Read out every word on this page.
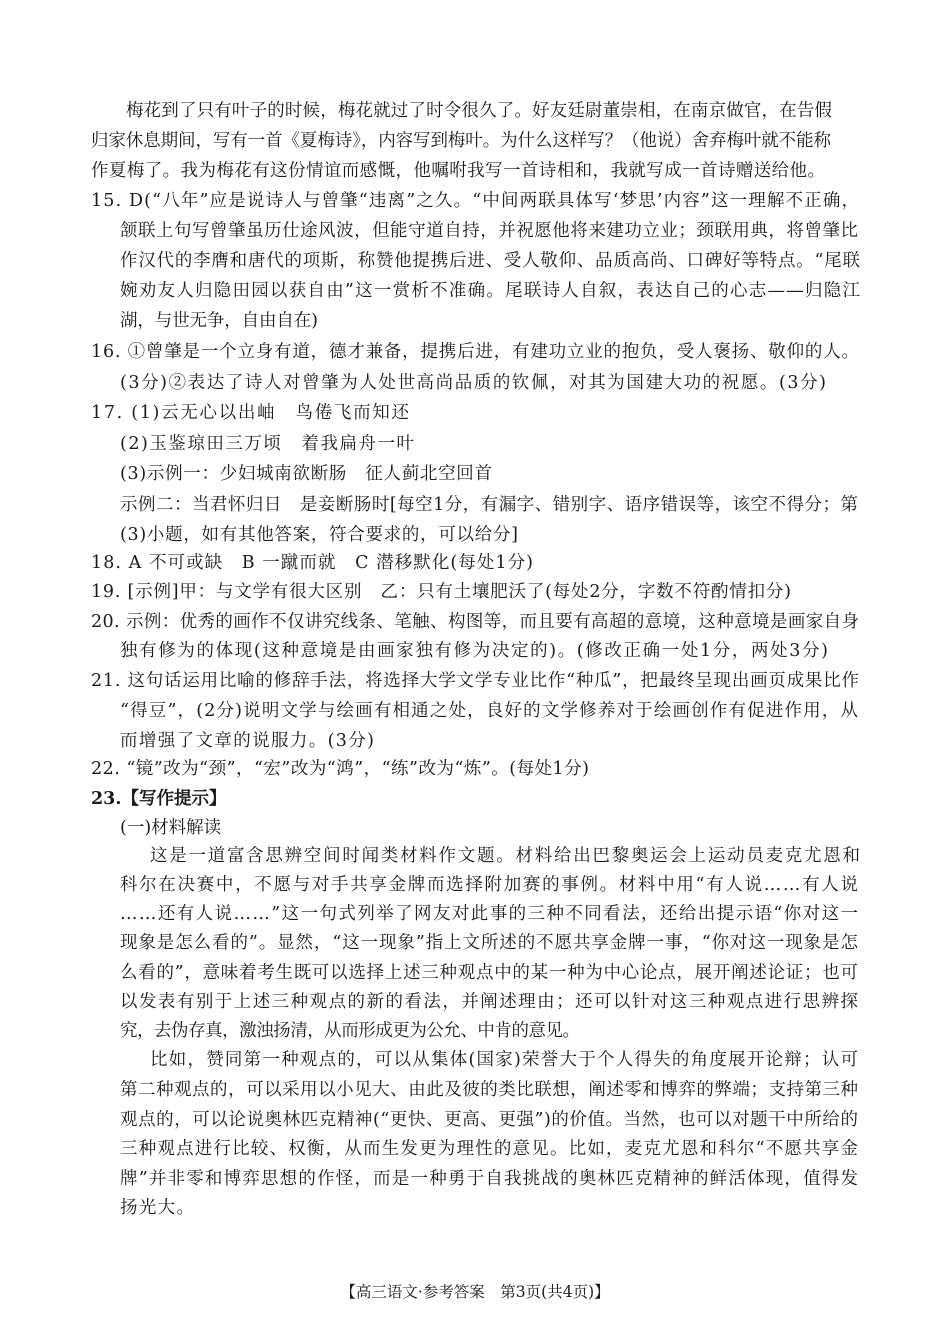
梅花到了只有叶子的时候，梅花就过了时令很久了。好友廷尉董崇相，在南京做官，在告假
归家休息期间，写有一首《夏梅诗》，内容写到梅叶。为什么这样写？（他说）舍弃梅叶就不能称
作夏梅了。我为梅花有这份情谊而感慨，他嘱咐我写一首诗相和，我就写成一首诗赠送给他。
15. D(“八年”应是说诗人与曾肇“违离”之久。“中间两联具体写‘梦思’内容”这一理解不正确，
颔联上句写曾肇虽历仕途风波，但能守道自持，并祝愿他将来建功立业；颈联用典，将曾肇比
作汉代的李膺和唐代的项斯，称赞他提携后进、受人敬仰、品质高尚、口碑好等特点。“尾联
婉劝友人归隐田园以获自由”这一赏析不准确。尾联诗人自叙，表达自己的心志——归隐江
湖，与世无争，自由自在)
16. ①曾肇是一个立身有道，德才兼备，提携后进，有建功立业的抱负，受人褒扬、敬仰的人。
(3分)②表达了诗人对曾肇为人处世高尚品质的钦佩，对其为国建大功的祝愿。(3分)
17. (1)云无心以出岫　鸟倦飞而知还
(2)玉鉴琼田三万顷　着我扁舟一叶
(3)示例一：少妇城南欲断肠　征人蓟北空回首
示例二：当君怀归日　是妾断肠时[每空1分，有漏字、错别字、语序错误等，该空不得分；第
(3)小题，如有其他答案，符合要求的，可以给分]
18. A 不可或缺　B 一蹴而就　C 潜移默化(每处1分)
19. [示例]甲：与文学有很大区别　乙：只有土壤肥沃了(每处2分，字数不符酌情扣分)
20. 示例：优秀的画作不仅讲究线条、笔触、构图等，而且要有高超的意境，这种意境是画家自身
独有修为的体现(这种意境是由画家独有修为决定的)。(修改正确一处1分，两处3分)
21. 这句话运用比喻的修辞手法，将选择大学文学专业比作“种瓜”，把最终呈现出画页成果比作
“得豆”，(2分)说明文学与绘画有相通之处，良好的文学修养对于绘画创作有促进作用，从
而增强了文章的说服力。(3分)
22. “镜”改为“颈”，“宏”改为“鸿”，“练”改为“炼”。(每处1分)
23.【写作提示】
(一)材料解读
这是一道富含思辨空间时闻类材料作文题。材料给出巴黎奥运会上运动员麦克尤恩和
科尔在决赛中，不愿与对手共享金牌而选择附加赛的事例。材料中用“有人说……有人说
……还有人说……”这一句式列举了网友对此事的三种不同看法，还给出提示语“你对这一
现象是怎么看的”。显然，“这一现象”指上文所述的不愿共享金牌一事，“你对这一现象是怎
么看的”，意味着考生既可以选择上述三种观点中的某一种为中心论点，展开阐述论证；也可
以发表有别于上述三种观点的新的看法，并阐述理由；还可以针对这三种观点进行思辨探
究，去伪存真，激浊扬清，从而形成更为公允、中肯的意见。
比如，赞同第一种观点的，可以从集体(国家)荣誉大于个人得失的角度展开论辩；认可
第二种观点的，可以采用以小见大、由此及彼的类比联想，阐述零和博弈的弊端；支持第三种
观点的，可以论说奥林匹克精神(“更快、更高、更强”)的价值。当然，也可以对题干中所给的
三种观点进行比较、权衡，从而生发更为理性的意见。比如，麦克尤恩和科尔“不愿共享金
牌”并非零和博弈思想的作怪，而是一种勇于自我挑战的奥林匹克精神的鲜活体现，值得发
扬光大。
【高三语文·参考答案　第3页(共4页)】
